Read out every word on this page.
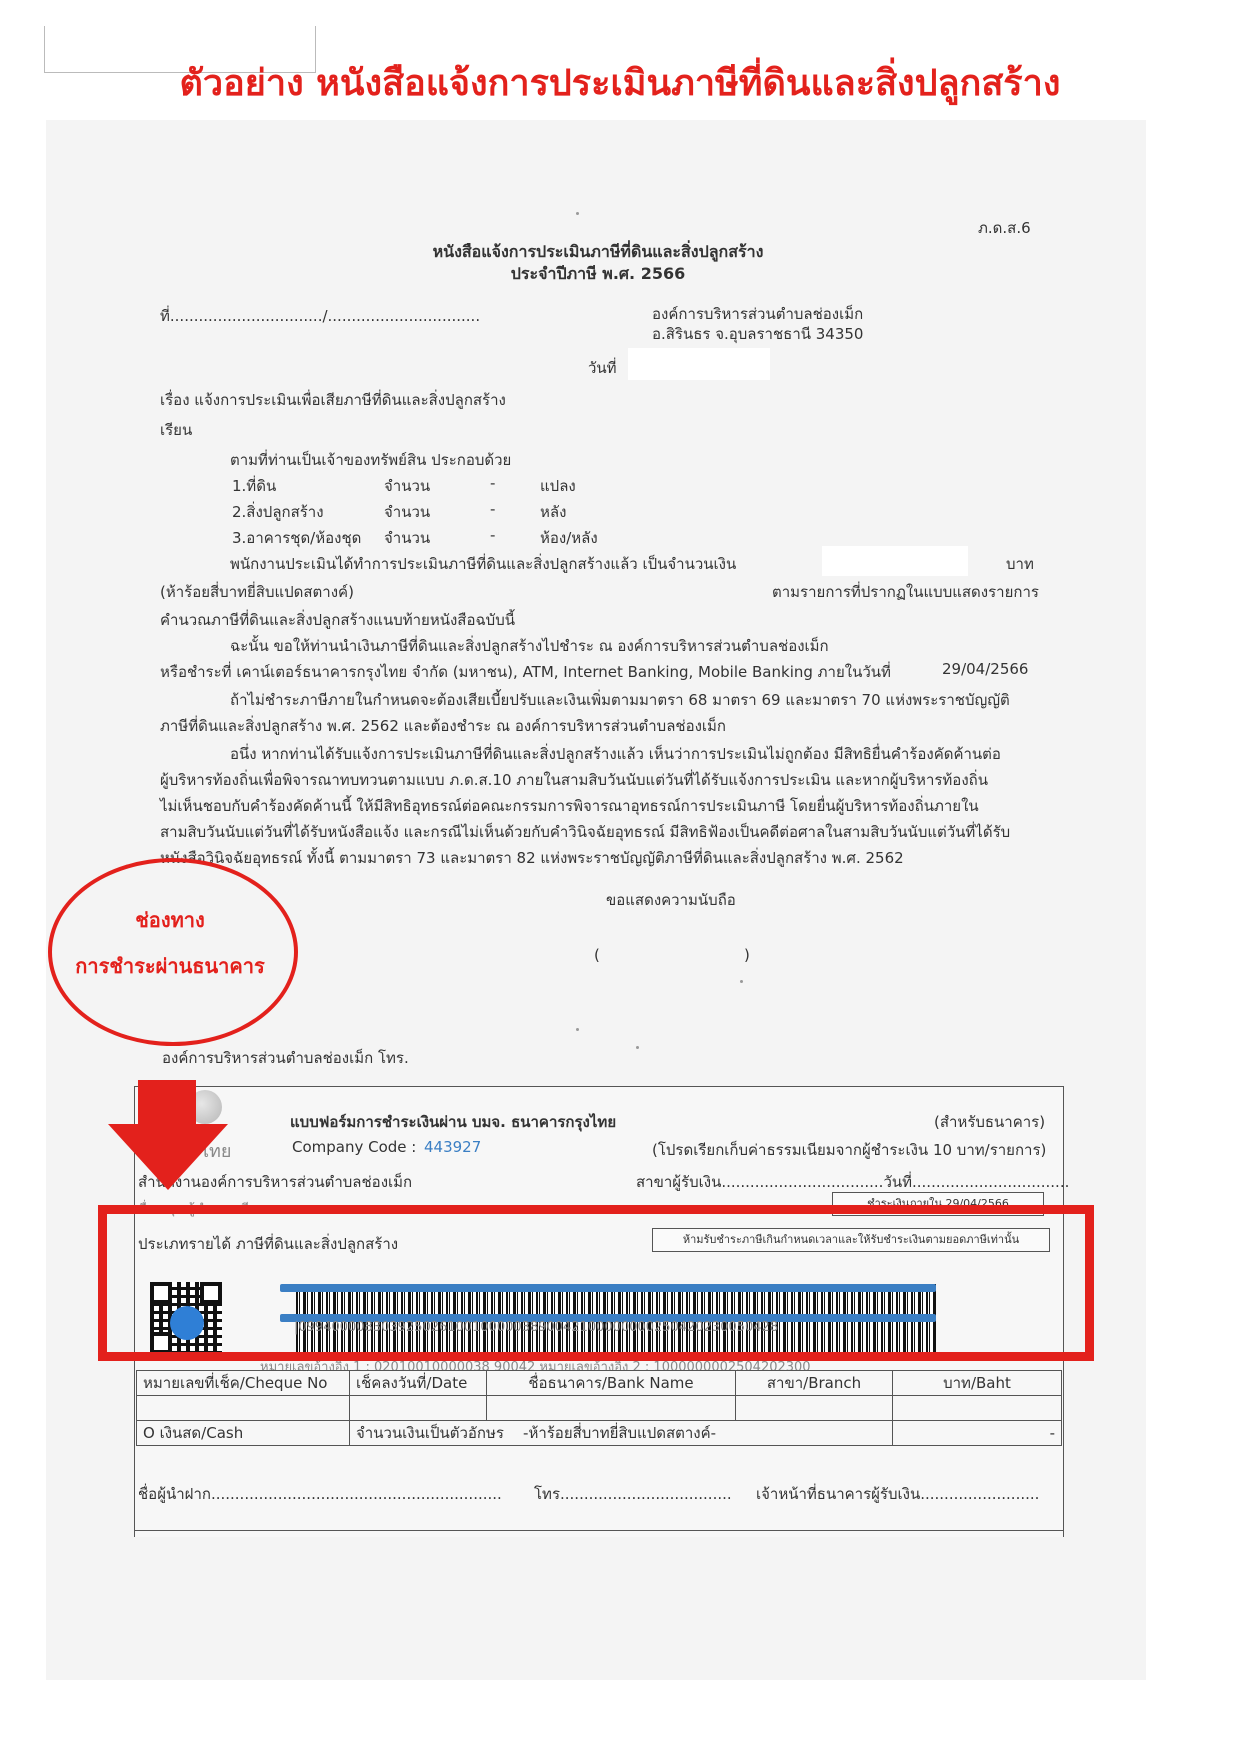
ตัวอย่าง หนังสือแจ้งการประเมินภาษีที่ดินและสิ่งปลูกสร้าง
ภ.ด.ส.6
หนังสือแจ้งการประเมินภาษีที่ดินและสิ่งปลูกสร้าง
ประจำปีภาษี พ.ศ. 2566
ที่................................/................................	องค์การบริหารส่วนตำบลช่องเม็ก
อ.สิรินธร จ.อุบลราชธานี 34350
วันที่
เรื่อง แจ้งการประเมินเพื่อเสียภาษีที่ดินและสิ่งปลูกสร้าง
เรียน
ตามที่ท่านเป็นเจ้าของทรัพย์สิน ประกอบด้วย
1.ที่ดิน	จำนวน	-	แปลง
2.สิ่งปลูกสร้าง	จำนวน	-	หลัง
3.อาคารชุด/ห้องชุด จำนวน	-	ห้อง/หลัง
พนักงานประเมินได้ทำการประเมินภาษีที่ดินและสิ่งปลูกสร้างแล้ว เป็นจำนวนเงิน	บาท
(ห้าร้อยสี่บาทยี่สิบแปดสตางค์)	ตามรายการที่ปรากฏในแบบแสดงรายการ
คำนวณภาษีที่ดินและสิ่งปลูกสร้างแนบท้ายหนังสือฉบับนี้
ฉะนั้น ขอให้ท่านนำเงินภาษีที่ดินและสิ่งปลูกสร้างไปชำระ ณ องค์การบริหารส่วนตำบลช่องเม็ก
หรือชำระที่ เคาน์เตอร์ธนาคารกรุงไทย จำกัด (มหาชน), ATM, Internet Banking, Mobile Banking ภายในวันที่	29/04/2566
ถ้าไม่ชำระภาษีภายในกำหนดจะต้องเสียเบี้ยปรับและเงินเพิ่มตามมาตรา 68 มาตรา 69 และมาตรา 70 แห่งพระราชบัญญัติ
ภาษีที่ดินและสิ่งปลูกสร้าง พ.ศ. 2562 และต้องชำระ ณ องค์การบริหารส่วนตำบลช่องเม็ก
อนึ่ง หากท่านได้รับแจ้งการประเมินภาษีที่ดินและสิ่งปลูกสร้างแล้ว เห็นว่าการประเมินไม่ถูกต้อง มีสิทธิยื่นคำร้องคัดค้านต่อ
ผู้บริหารท้องถิ่นเพื่อพิจารณาทบทวนตามแบบ ภ.ด.ส.10 ภายในสามสิบวันนับแต่วันที่ได้รับแจ้งการประเมิน และหากผู้บริหารท้องถิ่น
ไม่เห็นชอบกับคำร้องคัดค้านนี้ ให้มีสิทธิอุทธรณ์ต่อคณะกรรมการพิจารณาอุทธรณ์การประเมินภาษี โดยยื่นผู้บริหารท้องถิ่นภายใน
สามสิบวันนับแต่วันที่ได้รับหนังสือแจ้ง และกรณีไม่เห็นด้วยกับคำวินิจฉัยอุทธรณ์ มีสิทธิฟ้องเป็นคดีต่อศาลในสามสิบวันนับแต่วันที่ได้รับ
หนังสือวินิจฉัยอุทธรณ์ ทั้งนี้ ตามมาตรา 73 และมาตรา 82 แห่งพระราชบัญญัติภาษีที่ดินและสิ่งปลูกสร้าง พ.ศ. 2562
ขอแสดงความนับถือ
(	)
องค์การบริหารส่วนตำบลช่องเม็ก โทร.
ไทย
แบบฟอร์มการชำระเงินผ่าน บมจ. ธนาคารกรุงไทย	(สำหรับธนาคาร)
Company Code : 443927	(โปรดเรียกเก็บค่าธรรมเนียมจากผู้ชำระเงิน 10 บาท/รายการ)
สำนักงานองค์การบริหารส่วนตำบลช่องเม็ก	สาขาผู้รับเงิน..................................วันที่.................................
ชื่อ-สกุล ผู้ชำระภาษี	ชำระเงินภายใน 29/04/2566
ประเภทรายได้ ภาษีที่ดินและสิ่งปลูกสร้าง	ห้ามรับชำระภาษีเกินกำหนดเวลาและให้รับชำระเงินตามยอดภาษีเท่านั้น
|0994000083039250261001000003890042100000000250420230050428
หมายเลขอ้างอิง 1 : 02010010000038 90042 หมายเลขอ้างอิง 2 : 1000000002504202300
หมายเลขที่เช็ค/Cheque No	เช็คลงวันที่/Date	ชื่อธนาคาร/Bank Name	สาขา/Branch	บาท/Baht

O เงินสด/Cash	จำนวนเงินเป็นตัวอักษร -ห้าร้อยสี่บาทยี่สิบแปดสตางค์-			-
ชื่อผู้นำฝาก............................................................. โทร.................................... เจ้าหน้าที่ธนาคารผู้รับเงิน.........................
ช่องทาง
การชำระผ่านธนาคาร
